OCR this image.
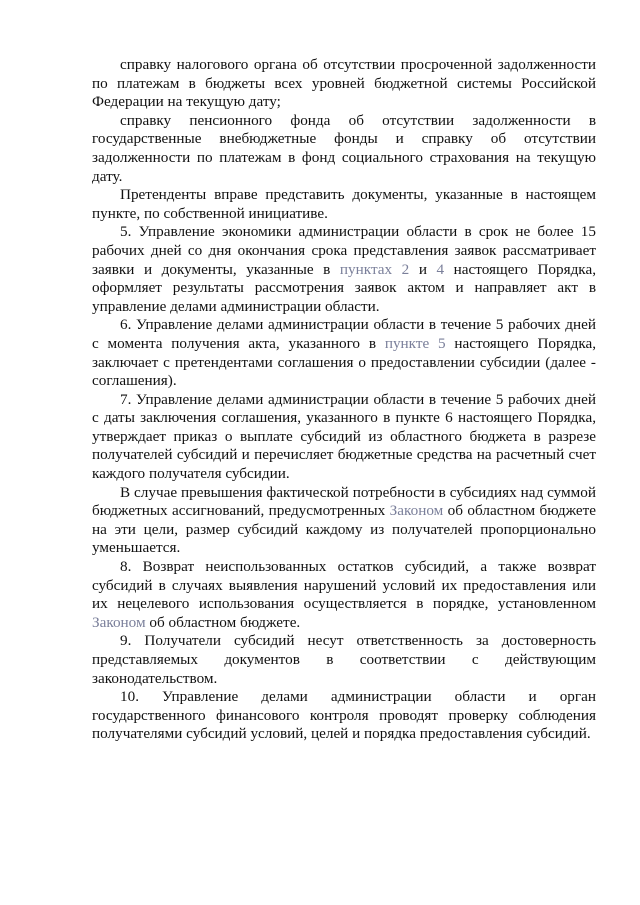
справку налогового органа об отсутствии просроченной задолженности по платежам в бюджеты всех уровней бюджетной системы Российской Федерации на текущую дату;

справку пенсионного фонда об отсутствии задолженности в государственные внебюджетные фонды и справку об отсутствии задолженности по платежам в фонд социального страхования на текущую дату.

Претенденты вправе представить документы, указанные в настоящем пункте, по собственной инициативе.

5. Управление экономики администрации области в срок не более 15 рабочих дней со дня окончания срока представления заявок рассматривает заявки и документы, указанные в пунктах 2 и 4 настоящего Порядка, оформляет результаты рассмотрения заявок актом и направляет акт в управление делами администрации области.

6. Управление делами администрации области в течение 5 рабочих дней с момента получения акта, указанного в пункте 5 настоящего Порядка, заключает с претендентами соглашения о предоставлении субсидии (далее - соглашения).

7. Управление делами администрации области в течение 5 рабочих дней с даты заключения соглашения, указанного в пункте 6 настоящего Порядка, утверждает приказ о выплате субсидий из областного бюджета в разрезе получателей субсидий и перечисляет бюджетные средства на расчетный счет каждого получателя субсидии.

В случае превышения фактической потребности в субсидиях над суммой бюджетных ассигнований, предусмотренных Законом об областном бюджете на эти цели, размер субсидий каждому из получателей пропорционально уменьшается.

8. Возврат неиспользованных остатков субсидий, а также возврат субсидий в случаях выявления нарушений условий их предоставления или их нецелевого использования осуществляется в порядке, установленном Законом об областном бюджете.

9. Получатели субсидий несут ответственность за достоверность представляемых документов в соответствии с действующим законодательством.

10. Управление делами администрации области и орган государственного финансового контроля проводят проверку соблюдения получателями субсидий условий, целей и порядка предоставления субсидий.
